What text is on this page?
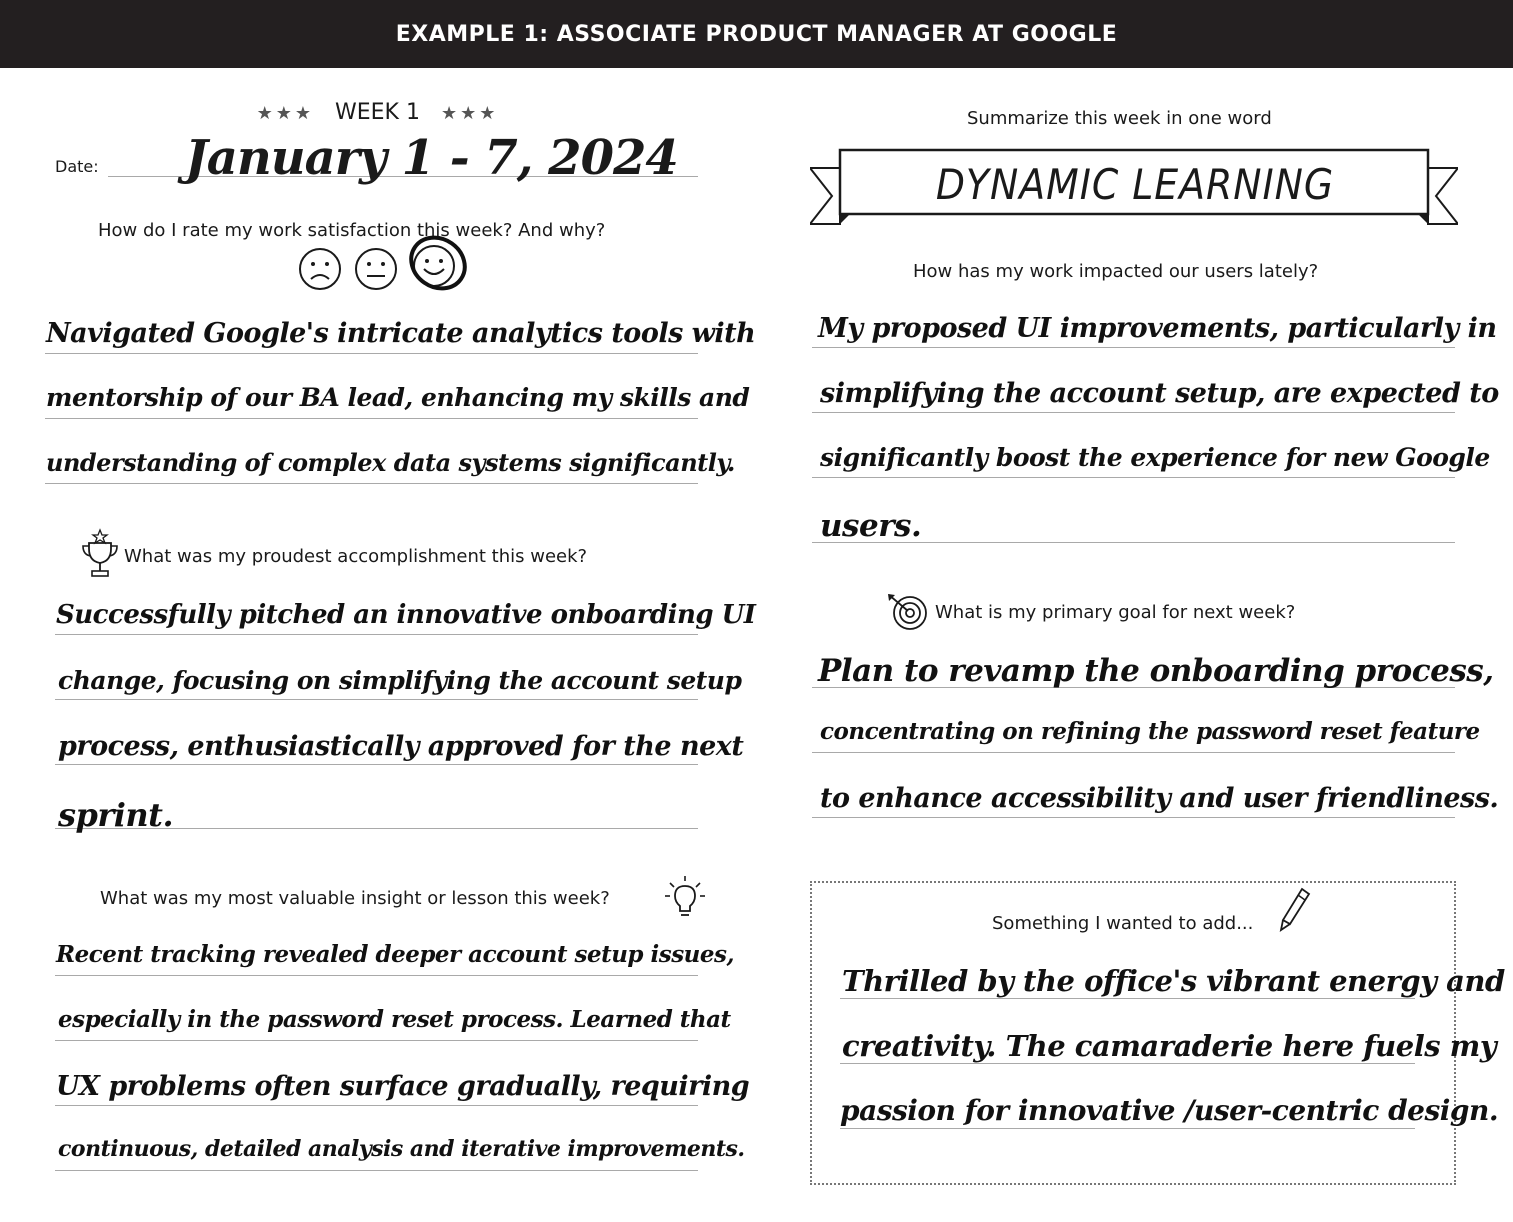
EXAMPLE 1: ASSOCIATE PRODUCT MANAGER AT GOOGLE
★★★ WEEK 1 ★★★
Date: January 1 - 7, 2024
How do I rate my work satisfaction this week? And why?
Navigated Google's intricate analytics tools with
mentorship of our BA lead, enhancing my skills and
understanding of complex data systems significantly.
What was my proudest accomplishment this week?
Successfully pitched an innovative onboarding UI
change, focusing on simplifying the account setup
process, enthusiastically approved for the next
sprint.
What was my most valuable insight or lesson this week?
Recent tracking revealed deeper account setup issues,
especially in the password reset process. Learned that
UX problems often surface gradually, requiring
continuous, detailed analysis and iterative improvements.
Summarize this week in one word
DYNAMIC LEARNING
How has my work impacted our users lately?
My proposed UI improvements, particularly in
simplifying the account setup, are expected to
significantly boost the experience for new Google
users.
What is my primary goal for next week?
Plan to revamp the onboarding process,
concentrating on refining the password reset feature
to enhance accessibility and user friendliness.
Something I wanted to add...
Thrilled by the office's vibrant energy and
creativity. The camaraderie here fuels my
passion for innovative /user-centric design.
